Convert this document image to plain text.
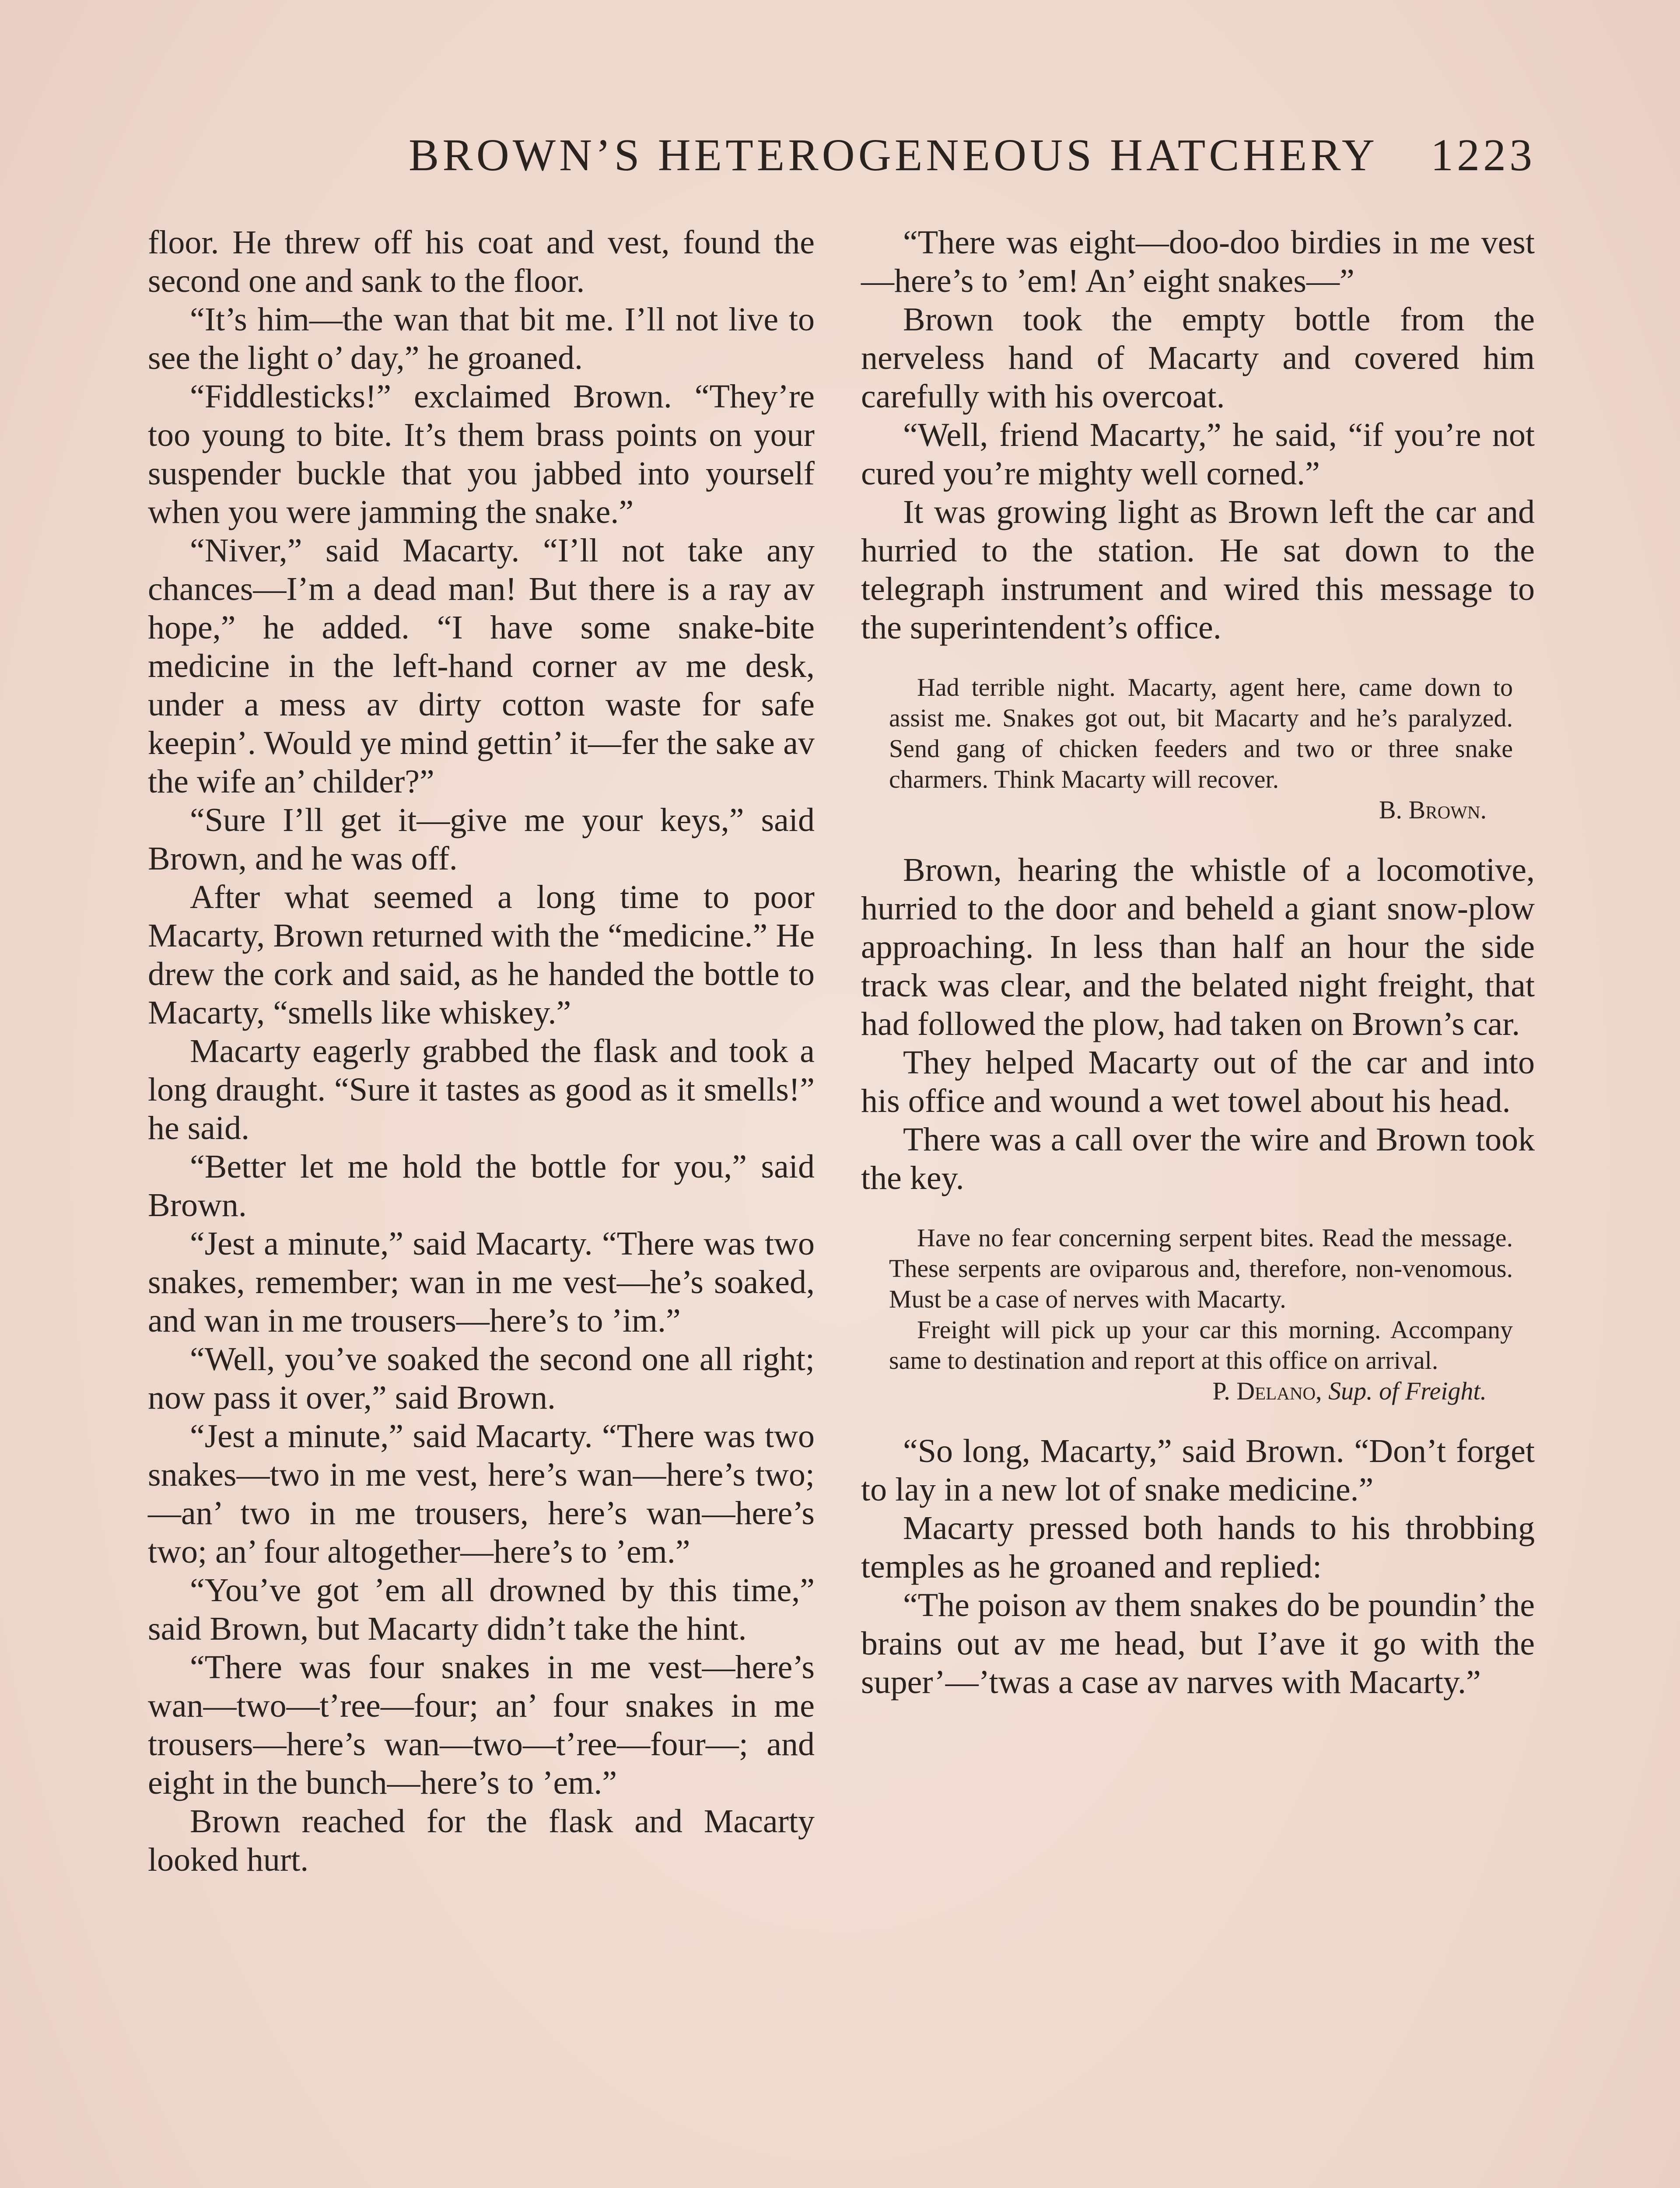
BROWN’S HETEROGENEOUS HATCHERY 1223

floor. He threw off his coat and vest, found the second one and sank to the floor.

“It’s him—the wan that bit me. I’ll not live to see the light o’ day,” he groaned.

“Fiddlesticks!” exclaimed Brown. “They’re too young to bite. It’s them brass points on your suspender buckle that you jabbed into yourself when you were jamming the snake.”

“Niver,” said Macarty. “I’ll not take any chances—I’m a dead man! But there is a ray av hope,” he added. “I have some snake-bite medicine in the left-hand corner av me desk, under a mess av dirty cotton waste for safe keepin’. Would ye mind gettin’ it—fer the sake av the wife an’ childer?”

“Sure I’ll get it—give me your keys,” said Brown, and he was off.

After what seemed a long time to poor Macarty, Brown returned with the “medicine.” He drew the cork and said, as he handed the bottle to Macarty, “smells like whiskey.”

Macarty eagerly grabbed the flask and took a long draught. “Sure it tastes as good as it smells!” he said.

“Better let me hold the bottle for you,” said Brown.

“Jest a minute,” said Macarty. “There was two snakes, remember; wan in me vest—he’s soaked, and wan in me trousers—here’s to ’im.”

“Well, you’ve soaked the second one all right; now pass it over,” said Brown.

“Jest a minute,” said Macarty. “There was two snakes—two in me vest, here’s wan—here’s two;—an’ two in me trousers, here’s wan—here’s two; an’ four altogether—here’s to ’em.”

“You’ve got ’em all drowned by this time,” said Brown, but Macarty didn’t take the hint.

“There was four snakes in me vest—here’s wan—two—t’ree—four; an’ four snakes in me trousers—here’s wan—two—t’ree—four—; and eight in the bunch—here’s to ’em.”

Brown reached for the flask and Macarty looked hurt.

“There was eight—doo-doo birdies in me vest—here’s to ’em! An’ eight snakes—”

Brown took the empty bottle from the nerveless hand of Macarty and covered him carefully with his overcoat.

“Well, friend Macarty,” he said, “if you’re not cured you’re mighty well corned.”

It was growing light as Brown left the car and hurried to the station. He sat down to the telegraph instrument and wired this message to the superintendent’s office.

Had terrible night. Macarty, agent here, came down to assist me. Snakes got out, bit Macarty and he’s paralyzed. Send gang of chicken feeders and two or three snake charmers. Think Macarty will recover.

B. Brown.

Brown, hearing the whistle of a locomotive, hurried to the door and beheld a giant snow-plow approaching. In less than half an hour the side track was clear, and the belated night freight, that had followed the plow, had taken on Brown’s car.

They helped Macarty out of the car and into his office and wound a wet towel about his head.

There was a call over the wire and Brown took the key.

Have no fear concerning serpent bites. Read the message. These serpents are oviparous and, therefore, non-venomous. Must be a case of nerves with Macarty.

Freight will pick up your car this morning. Accompany same to destination and report at this office on arrival.

P. Delano, Sup. of Freight.

“So long, Macarty,” said Brown. “Don’t forget to lay in a new lot of snake medicine.”

Macarty pressed both hands to his throbbing temples as he groaned and replied:

“The poison av them snakes do be poundin’ the brains out av me head, but I’ave it go with the super’—’twas a case av narves with Macarty.”
